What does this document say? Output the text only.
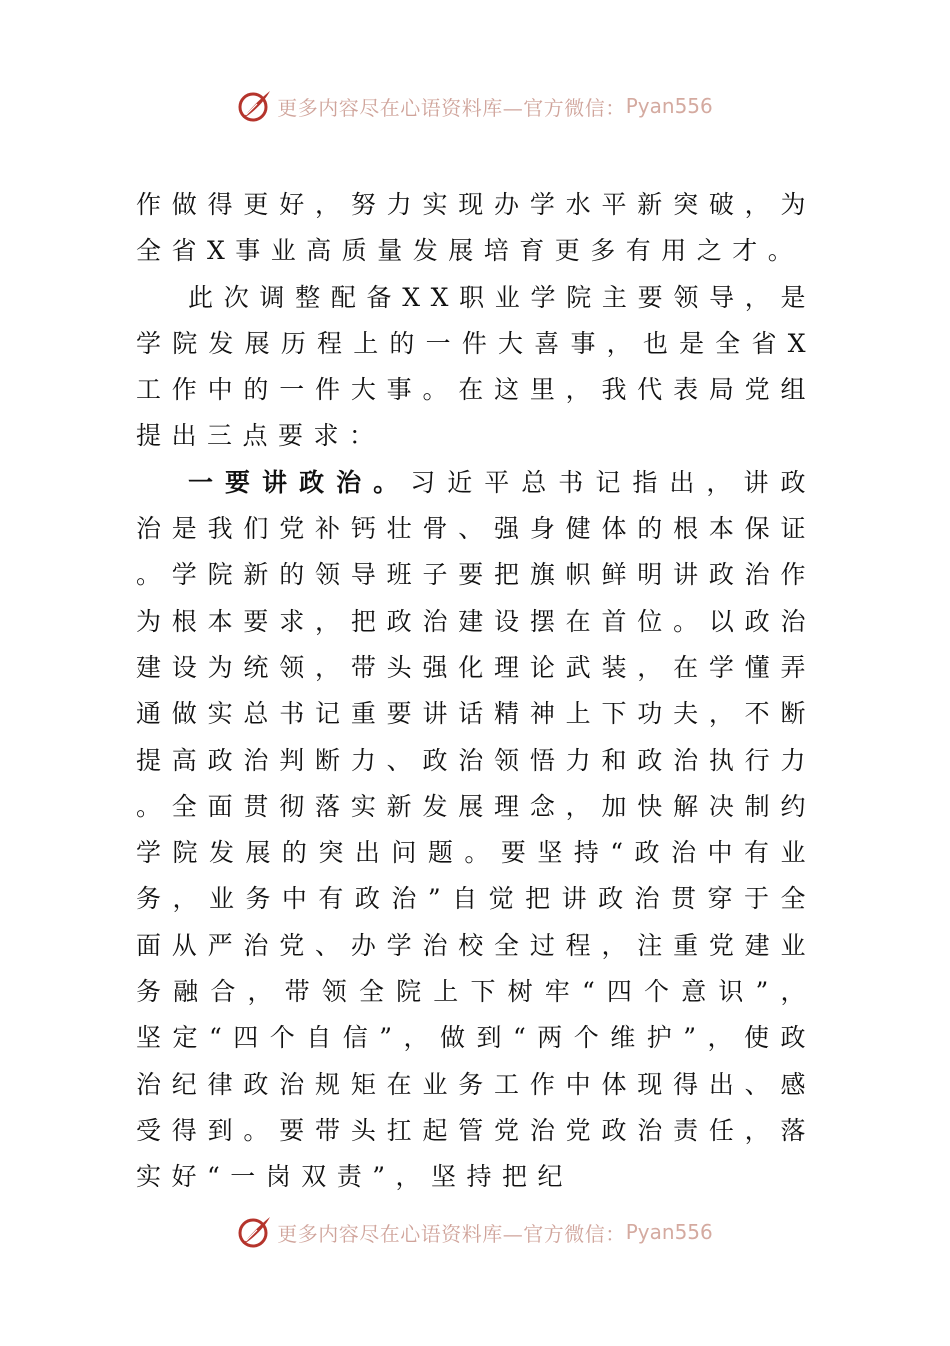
更多内容尽在心语资料库—官方微信： Pyan556

作做得更好，努力实现办学水平新突破，为全省X事业高质量发展培育更多有用之才。

此次调整配备XX职业学院主要领导，是学院发展历程上的一件大喜事，也是全省X工作中的一件大事。在这里，我代表局党组提出三点要求：

一要讲政治。习近平总书记指出，讲政治是我们党补钙壮骨、强身健体的根本保证。学院新的领导班子要把旗帜鲜明讲政治作为根本要求，把政治建设摆在首位。以政治建设为统领，带头强化理论武装，在学懂弄通做实总书记重要讲话精神上下功夫，不断提高政治判断力、政治领悟力和政治执行力。全面贯彻落实新发展理念，加快解决制约学院发展的突出问题。要坚持“政治中有业务，业务中有政治”自觉把讲政治贯穿于全面从严治党、办学治校全过程，注重党建业务融合，带领全院上下树牢“四个意识”，坚定“四个自信”，做到“两个维护”，使政治纪律政治规矩在业务工作中体现得出、感受得到。要带头扛起管党治党政治责任，落实好“一岗双责”，坚持把纪

更多内容尽在心语资料库—官方微信： Pyan556
